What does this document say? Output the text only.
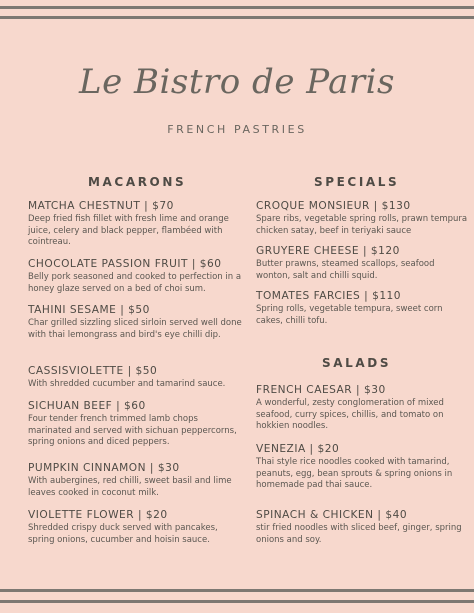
Le Bistro de Paris
FRENCH PASTRIES
MACARONS
MATCHA CHESTNUT | $70
Deep fried fish fillet with fresh lime and orange juice, celery and black pepper, flambéed with cointreau.
CHOCOLATE PASSION FRUIT | $60
Belly pork seasoned and cooked to perfection in a honey glaze served on a bed of choi sum.
TAHINI SESAME | $50
Char grilled sizzling sliced sirloin served well done with thai lemongrass and bird's eye chilli dip.
CASSISVIOLETTE | $50
With shredded cucumber and tamarind sauce.
SICHUAN BEEF | $60
Four tender french trimmed lamb chops marinated and served with sichuan peppercorns, spring onions and diced peppers.
PUMPKIN CINNAMON | $30
With aubergines, red chilli, sweet basil and lime leaves cooked in coconut milk.
VIOLETTE FLOWER | $20
Shredded crispy duck served with pancakes, spring onions, cucumber and hoisin sauce.
SPECIALS
CROQUE MONSIEUR | $130
Spare ribs, vegetable spring rolls, prawn tempura chicken satay, beef in teriyaki sauce
GRUYERE CHEESE | $120
Butter prawns, steamed scallops, seafood wonton, salt and chilli squid.
TOMATES FARCIES | $110
Spring rolls, vegetable tempura, sweet corn cakes, chilli tofu.
SALADS
FRENCH CAESAR | $30
A wonderful, zesty conglomeration of mixed seafood, curry spices, chillis, and tomato on hokkien noodles.
VENEZIA | $20
Thai style rice noodles cooked with tamarind, peanuts, egg, bean sprouts & spring onions in homemade pad thai sauce.
SPINACH & CHICKEN | $40
stir fried noodles with sliced beef, ginger, spring onions and soy.
